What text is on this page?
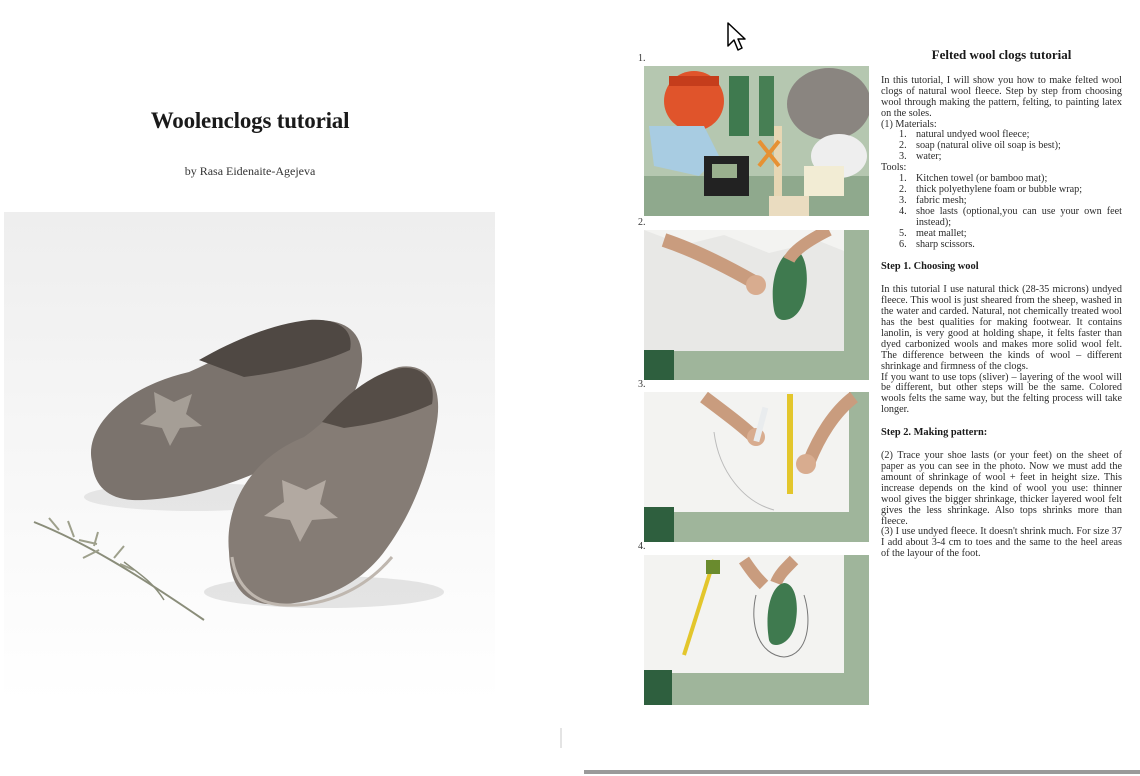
Woolenclogs tutorial
by Rasa Eidenaite-Agejeva
1.
2.
3.
4.
Felted wool clogs tutorial

In this tutorial, I will show you how to make felted wool clogs of natural wool fleece. Step by step from choosing wool through making the pattern, felting, to painting latex on the soles.

(1) Materials:

1. natural undyed wool fleece;
2. soap (natural olive oil soap is best);
3. water;

Tools:

1. Kitchen towel (or bamboo mat);
2. thick polyethylene foam or bubble wrap;
3. fabric mesh;
4. shoe lasts (optional,you can use your own feet instead);
5. meat mallet;
6. sharp scissors.
Step 1. Choosing wool

In this tutorial I use natural thick (28-35 microns) undyed fleece. This wool is just sheared from the sheep, washed in the water and carded. Natural, not chemically treated wool has the best qualities for making footwear. It contains lanolin, is very good at holding shape, it felts faster than dyed carbonized wools and makes more solid wool felt. The difference between the kinds of wool – different shrinkage and firmness of the clogs.

If you want to use tops (sliver) – layering of the wool will be different, but other steps will be the same. Colored wools felts the same way, but the felting process will take longer.

Step 2. Making pattern:

(2) Trace your shoe lasts (or your feet) on the sheet of paper as you can see in the photo. Now we must add the amount of shrinkage of wool + feet in height size. This increase depends on the kind of wool you use: thinner wool gives the bigger shrinkage, thicker layered wool felt gives the less shrinkage. Also tops shrinks more than fleece.

(3) I use undyed fleece. It doesn't shrink much. For size 37 I add about 3-4 cm to toes and the same to the heel areas of the layour of the foot.
